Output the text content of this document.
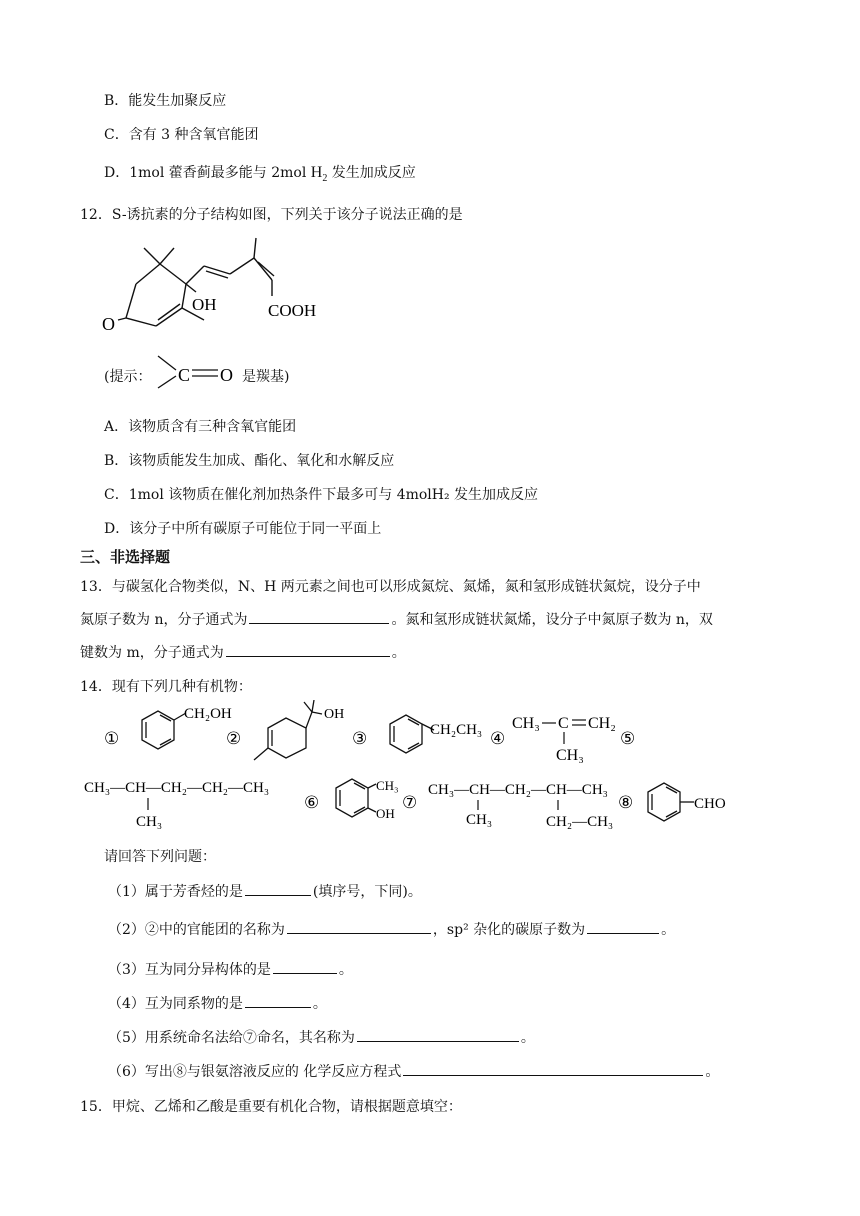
B．能发生加聚反应
C．含有 3 种含氧官能团
D．1mol 藿香蓟最多能与 2mol $H_2$ 发生加成反应
12．S-诱抗素的分子结构如图，下列关于该分子说法正确的是
O
OH	COOH
(提示： C O 是羰基)
A．该物质含有三种含氧官能团
B．该物质能发生加成、酯化、氧化和水解反应
C．1mol 该物质在催化剂加热条件下最多可与 4molH₂ 发生加成反应
D．该分子中所有碳原子可能位于同一平面上
三、非选择题
13．与碳氢化合物类似，N、H 两元素之间也可以形成氮烷、氮烯，氮和氢形成链状氮烷，设分子中
氮原子数为 n，分子通式为	。氮和氢形成链状氮烯，设分子中氮原子数为 n，双
键数为 m，分子通式为	。
14．现有下列几种有机物：
①
CH₂OH
②
OH
③	CH₂CH₃ ④
CH₃ C CH₂
CH₃
⑤
CH₃—CH—CH₂—CH₂—CH₃
CH₃
⑥
CH₃
OH
⑦
CH₃—CH—CH₂—CH—CH₃
CH₃	CH₂—CH₃
⑧	CHO
请回答下列问题：
（1）属于芳香烃的是	(填序号，下同)。
（2）②中的官能团的名称为	，sp² 杂化的碳原子数为	。
（3）互为同分异构体的是	。
（4）互为同系物的是	。
（5）用系统命名法给⑦命名，其名称为	。
（6）写出⑧与银氨溶液反应的 化学反应方程式	。
15．甲烷、乙烯和乙酸是重要有机化合物，请根据题意填空：
